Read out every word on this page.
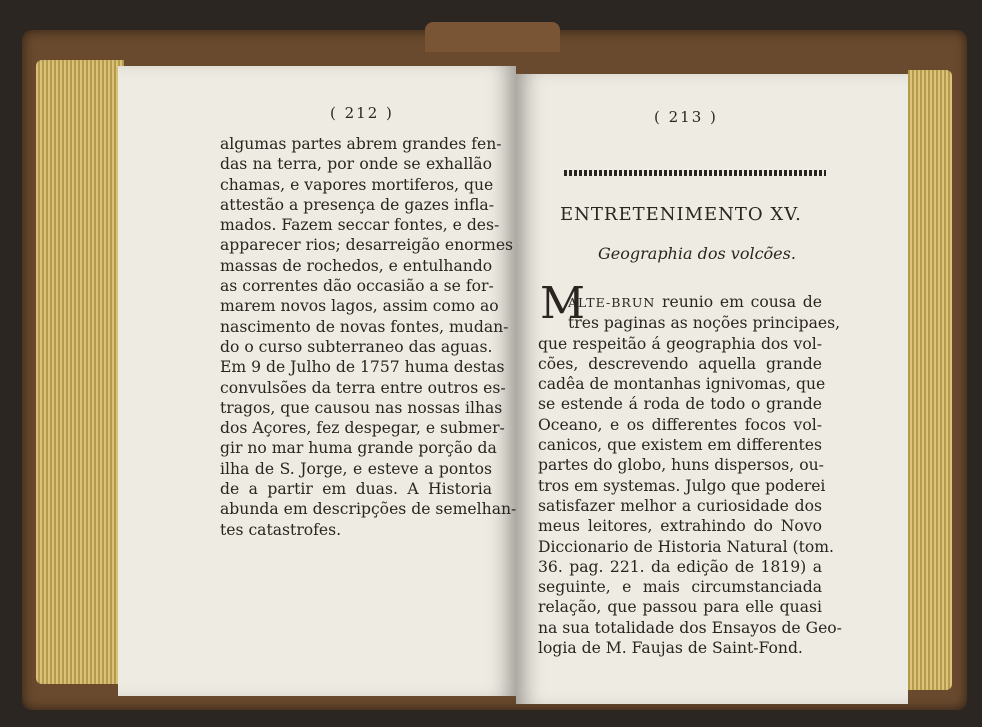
( 212 )
algumas partes abrem grandes fen-
das na terra, por onde se exhallão
chamas, e vapores mortiferos, que
attestão a presença de gazes infla-
mados. Fazem seccar fontes, e des-
apparecer rios; desarreigão enormes
massas de rochedos, e entulhando
as correntes dão occasião a se for-
marem novos lagos, assim como ao
nascimento de novas fontes, mudan-
do o curso subterraneo das aguas.
Em 9 de Julho de 1757 huma destas
convulsões da terra entre outros es-
tragos, que causou nas nossas ilhas
dos Açores, fez despegar, e submer-
gir no mar huma grande porção da
ilha de S. Jorge, e esteve a pontos
de a partir em duas. A Historia
abunda em descripções de semelhan-
tes catastrofes.
( 213 )
ENTRETENIMENTO XV.
Geographia dos volcões.
M
ALTE-BRUN reunio em cousa de
tres paginas as noções principaes,
que respeitão á geographia dos vol-
cões, descrevendo aquella grande
cadêa de montanhas ignivomas, que
se estende á roda de todo o grande
Oceano, e os differentes focos vol-
canicos, que existem em differentes
partes do globo, huns dispersos, ou-
tros em systemas. Julgo que poderei
satisfazer melhor a curiosidade dos
meus leitores, extrahindo do Novo
Diccionario de Historia Natural (tom.
36. pag. 221. da edição de 1819) a
seguinte, e mais circumstanciada
relação, que passou para elle quasi
na sua totalidade dos Ensayos de Geo-
logia de M. Faujas de Saint-Fond.
